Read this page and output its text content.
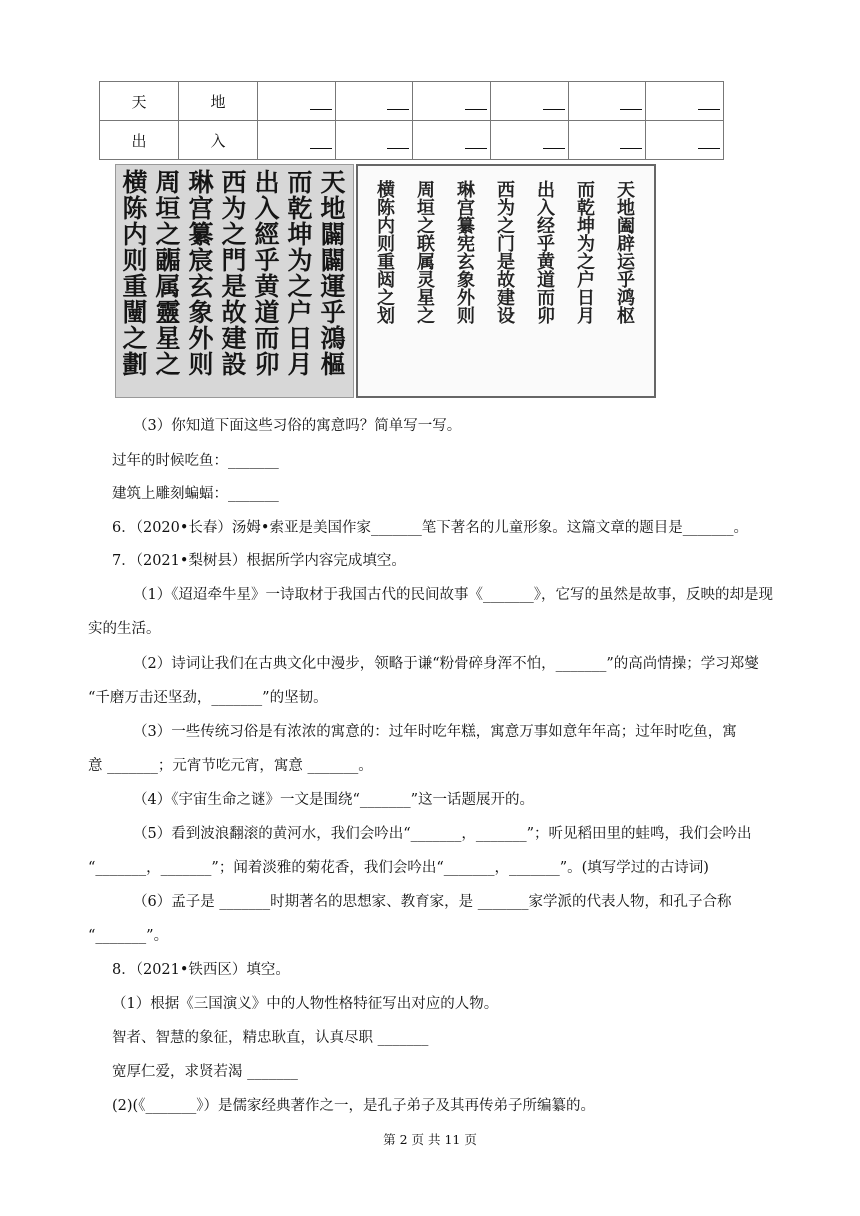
天	地						
出	入						
横陈内则重闉之劃 周垣之疈属靈星之 琳宫纂宸玄象外则 西为之門是故建設 出入經乎黄道而卯 而乾坤为之户日月 天地闢闢運乎鴻樞 横陈内则重闼之划 周垣之联属灵星之 琳宫纂宪玄象外则 西为之门是故建设 出入经乎黄道而卯 而乾坤为之户日月 天地阖辟运乎鸿枢
（3）你知道下面这些习俗的寓意吗？简单写一写。
过年的时候吃鱼：_______
建筑上雕刻蝙蝠：_______
6．（2020•长春）汤姆•索亚是美国作家_______笔下著名的儿童形象。这篇文章的题目是_______。
7．（2021•梨树县）根据所学内容完成填空。
（1）《迢迢牵牛星》一诗取材于我国古代的民间故事《_______》，它写的虽然是故事，反映的却是现
实的生活。
（2）诗词让我们在古典文化中漫步，领略于谦“粉骨碎身浑不怕，_______”的高尚情操；学习郑燮
“千磨万击还坚劲，_______”的坚韧。
（3）一些传统习俗是有浓浓的寓意的：过年时吃年糕，寓意万事如意年年高；过年时吃鱼，寓
意 _______；元宵节吃元宵，寓意 _______。
（4）《宇宙生命之谜》一文是围绕“_______”这一话题展开的。
（5）看到波浪翻滚的黄河水，我们会吟出“_______，_______”；听见稻田里的蛙鸣，我们会吟出
“_______，_______”；闻着淡雅的菊花香，我们会吟出“_______，_______”。(填写学过的古诗词)
（6）孟子是 _______时期著名的思想家、教育家，是 _______家学派的代表人物，和孔子合称
“_______”。
8．（2021•铁西区）填空。
（1）根据《三国演义》中的人物性格特征写出对应的人物。
智者、智慧的象征，精忠耿直，认真尽职 _______
宽厚仁爱，求贤若渴 _______
(2)(《_______》）是儒家经典著作之一，是孔子弟子及其再传弟子所编纂的。
第 2 页 共 11 页
